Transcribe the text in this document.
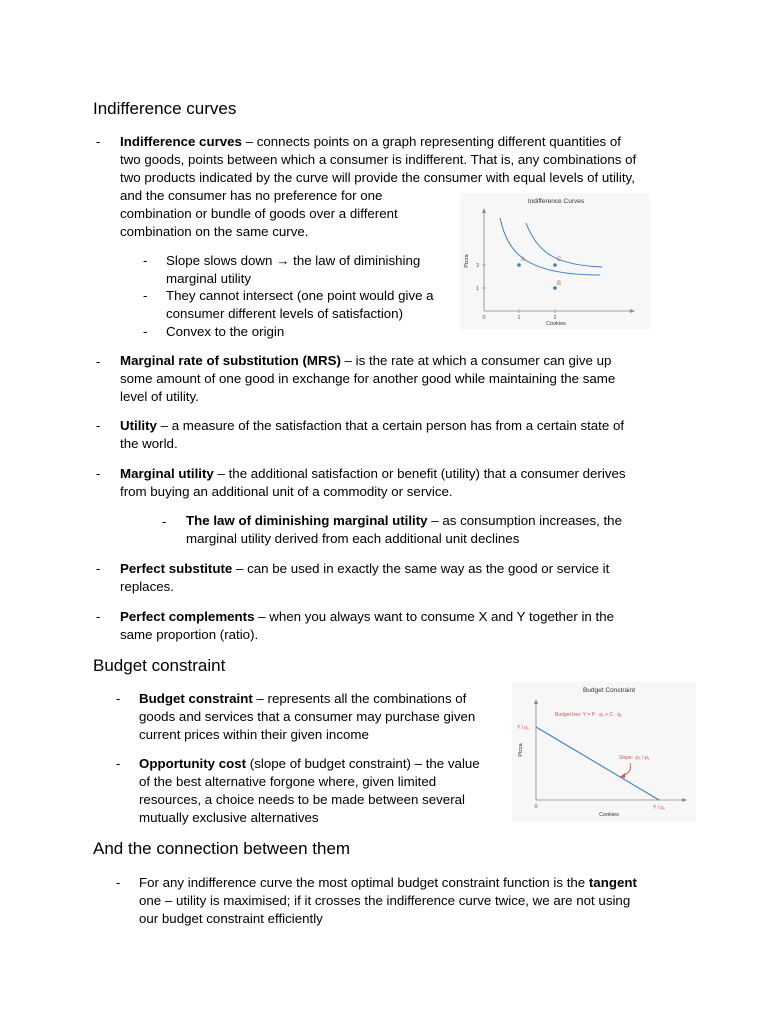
Indifference curves
- Indifference curves – connects points on a graph representing different quantities of
two goods, points between which a consumer is indifferent. That is, any combinations of
two products indicated by the curve will provide the consumer with equal levels of utility,
and the consumer has no preference for one
combination or bundle of goods over a different
combination on the same curve.
- Slope slows down → the law of diminishing
marginal utility
- They cannot intersect (one point would give a
consumer different levels of satisfaction)
- Convex to the origin
Indifference Curves
Pizza
Cookies
3
1
0	1	2
A	C
B
- Marginal rate of substitution (MRS) – is the rate at which a consumer can give up
some amount of one good in exchange for another good while maintaining the same
level of utility.
- Utility – a measure of the satisfaction that a certain person has from a certain state of
the world.
- Marginal utility – the additional satisfaction or benefit (utility) that a consumer derives
from buying an additional unit of a commodity or service.
- The law of diminishing marginal utility – as consumption increases, the
marginal utility derived from each additional unit declines
- Perfect substitute – can be used in exactly the same way as the good or service it
replaces.
- Perfect complements – when you always want to consume X and Y together in the
same proportion (ratio).
Budget constraint
- Budget constraint – represents all the combinations of
goods and services that a consumer may purchase given
current prices within their given income
- Opportunity cost (slope of budget constraint) – the value
of the best alternative forgone where, given limited
resources, a choice needs to be made between several
mutually exclusive alternatives
Budget Constraint
Pizza
Cookies
0
Y / pₓ
Y / pᵧ
Budget line: Y = P · pₓ + C · pᵧ
Slope: -pₓ / pᵧ
And the connection between them
- For any indifference curve the most optimal budget constraint function is the tangent
one – utility is maximised; if it crosses the indifference curve twice, we are not using
our budget constraint efficiently
